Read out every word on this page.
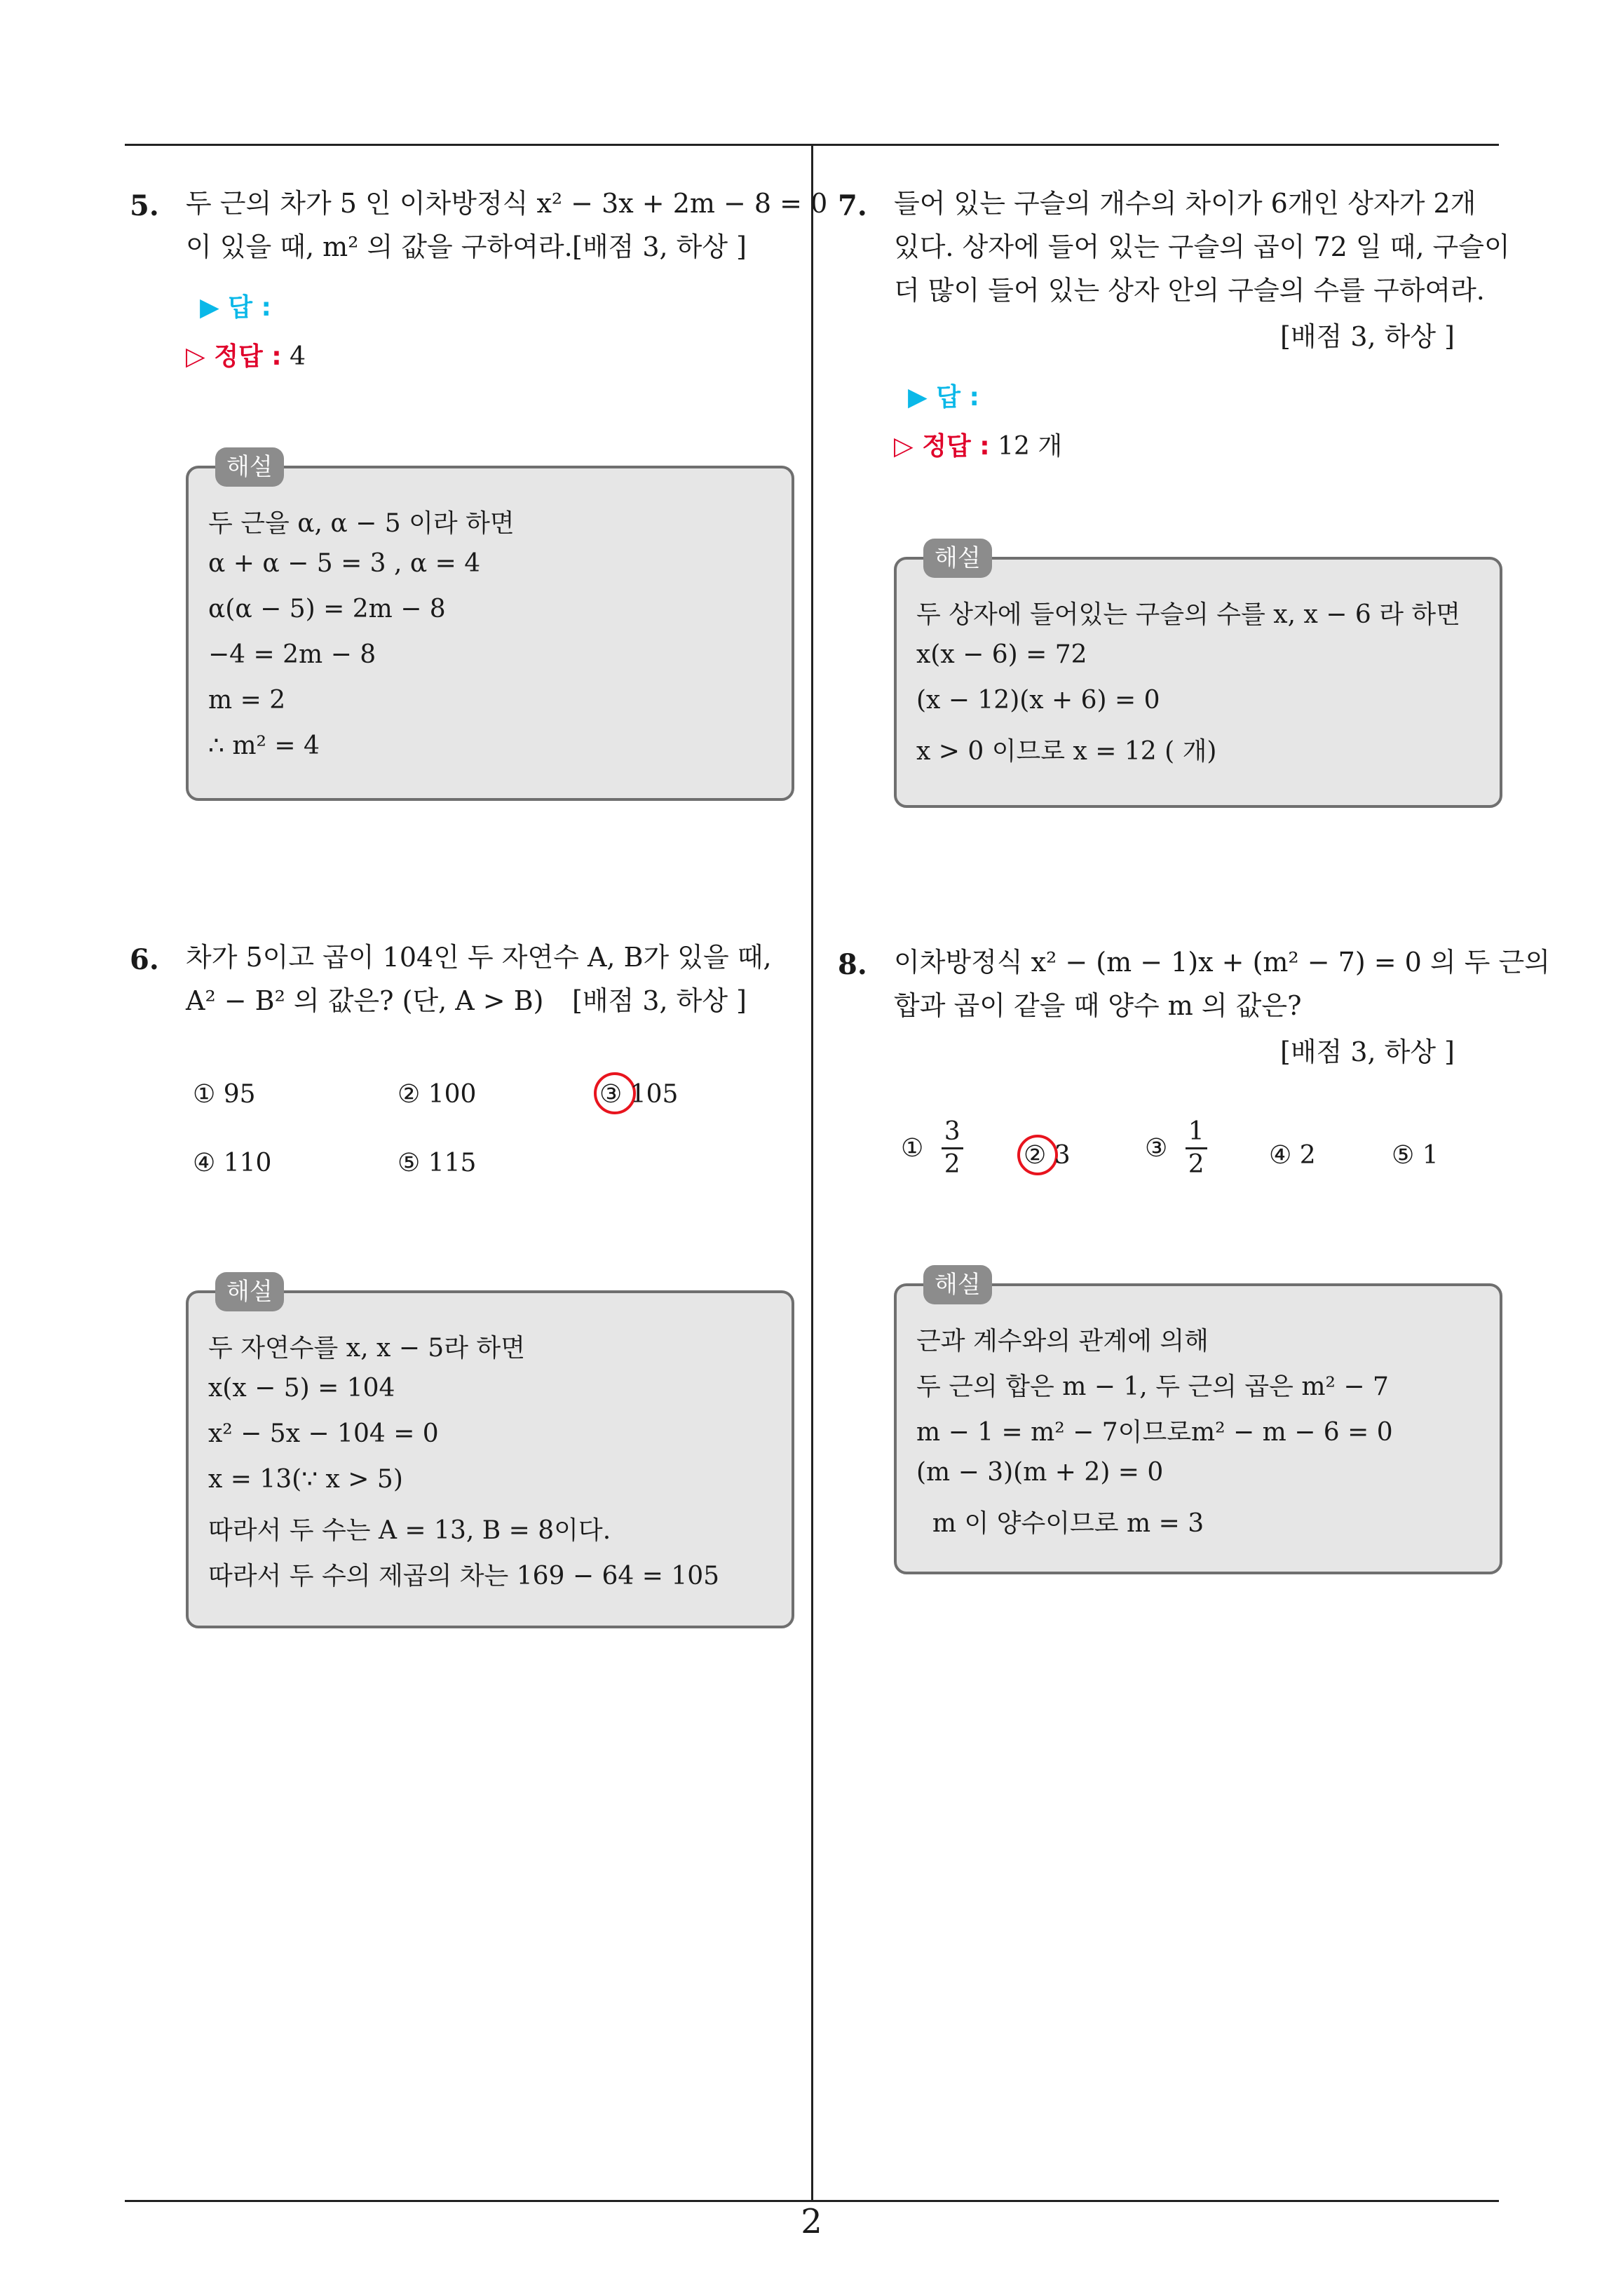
5. 두 근의 차가 5 인 이차방정식 x² − 3x + 2m − 8 = 0
이 있을 때, m² 의 값을 구하여라. [배점 3, 하상 ]
▶ 답 :
▷ 정답 : 4
해설
두 근을 α, α − 5 이라 하면
α + α − 5 = 3 , α = 4
α(α − 5) = 2m − 8
−4 = 2m − 8
m = 2
∴ m² = 4
6. 차가 5이고 곱이 104인 두 자연수 A, B가 있을 때,
A² − B² 의 값은? (단, A > B) [배점 3, 하상 ]
① 95	② 100	③ 105
④ 110	⑤ 115
해설
두 자연수를 x, x − 5라 하면
x(x − 5) = 104
x² − 5x − 104 = 0
x = 13(∵ x > 5)
따라서 두 수는 A = 13, B = 8이다.
따라서 두 수의 제곱의 차는 169 − 64 = 105
7. 들어 있는 구슬의 개수의 차이가 6개인 상자가 2개
있다. 상자에 들어 있는 구슬의 곱이 72 일 때, 구슬이
더 많이 들어 있는 상자 안의 구슬의 수를 구하여라.
[배점 3, 하상 ]
▶ 답 :
▷ 정답 : 12 개
해설
두 상자에 들어있는 구슬의 수를 x, x − 6 라 하면
x(x − 6) = 72
(x − 12)(x + 6) = 0
x > 0 이므로 x = 12 ( 개)
8. 이차방정식 x² − (m − 1)x + (m² − 7) = 0 의 두 근의
합과 곱이 같을 때 양수 m 의 값은?
[배점 3, 하상 ]
① $\frac{3}{2}$ ② 3	③ $\frac{1}{2}$ ④ 2	⑤ 1
해설
근과 계수와의 관계에 의해
두 근의 합은 m − 1, 두 근의 곱은 m² − 7
m − 1 = m² − 7이므로m² − m − 6 = 0
(m − 3)(m + 2) = 0
m 이 양수이므로 m = 3
2
